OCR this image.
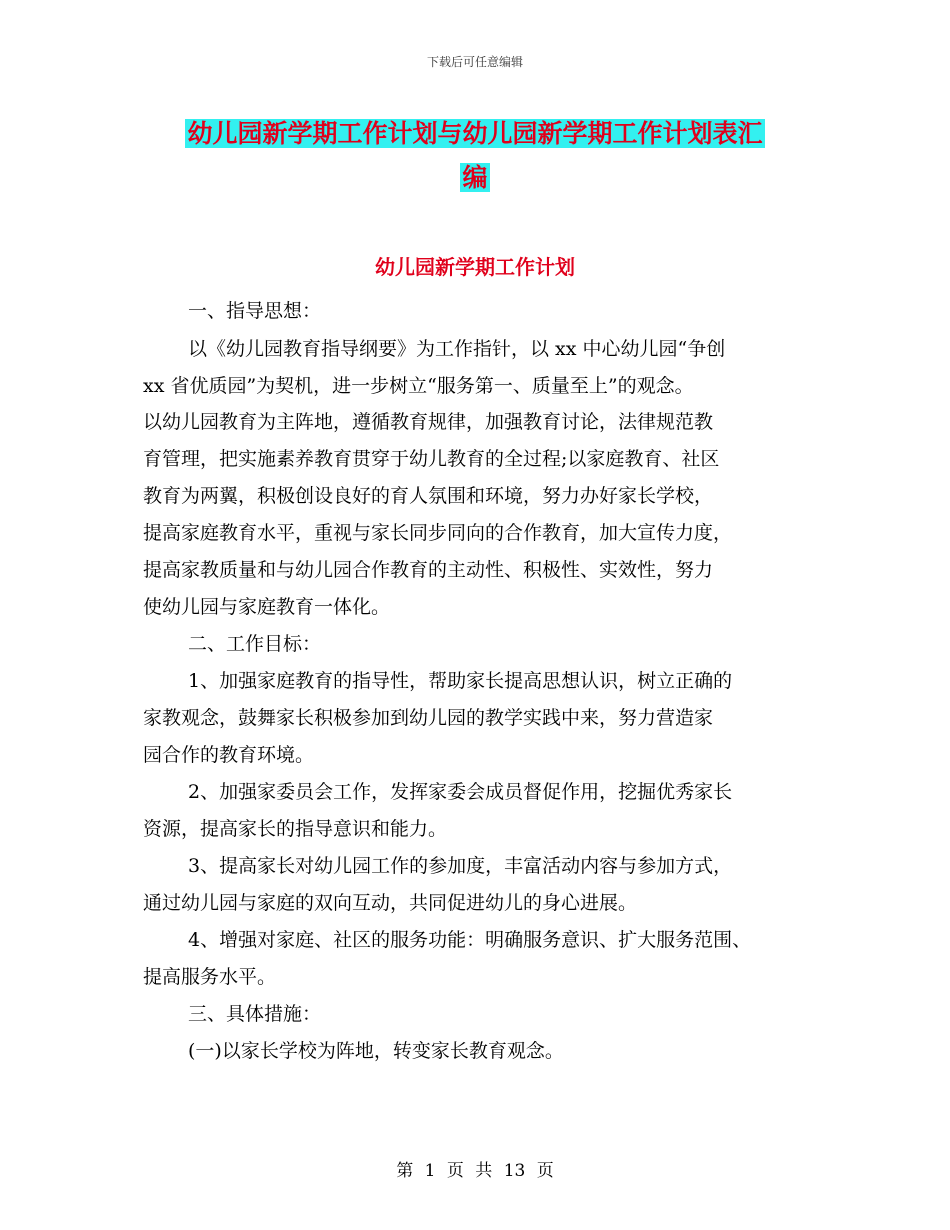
下载后可任意编辑
幼儿园新学期工作计划与幼儿园新学期工作计划表汇
编
幼儿园新学期工作计划
一、指导思想：
以《幼儿园教育指导纲要》为工作指针，以 xx 中心幼儿园“争创
xx 省优质园”为契机，进一步树立“服务第一、质量至上”的观念。
以幼儿园教育为主阵地，遵循教育规律，加强教育讨论，法律规范教
育管理，把实施素养教育贯穿于幼儿教育的全过程;以家庭教育、社区
教育为两翼，积极创设良好的育人氛围和环境，努力办好家长学校，
提高家庭教育水平，重视与家长同步同向的合作教育，加大宣传力度，
提高家教质量和与幼儿园合作教育的主动性、积极性、实效性，努力
使幼儿园与家庭教育一体化。
二、工作目标：
1、加强家庭教育的指导性，帮助家长提高思想认识，树立正确的
家教观念，鼓舞家长积极参加到幼儿园的教学实践中来，努力营造家
园合作的教育环境。
2、加强家委员会工作，发挥家委会成员督促作用，挖掘优秀家长
资源，提高家长的指导意识和能力。
3、提高家长对幼儿园工作的参加度，丰富活动内容与参加方式，
通过幼儿园与家庭的双向互动，共同促进幼儿的身心进展。
4、增强对家庭、社区的服务功能：明确服务意识、扩大服务范围、
提高服务水平。
三、具体措施：
(一)以家长学校为阵地，转变家长教育观念。
第 1 页 共 13 页
